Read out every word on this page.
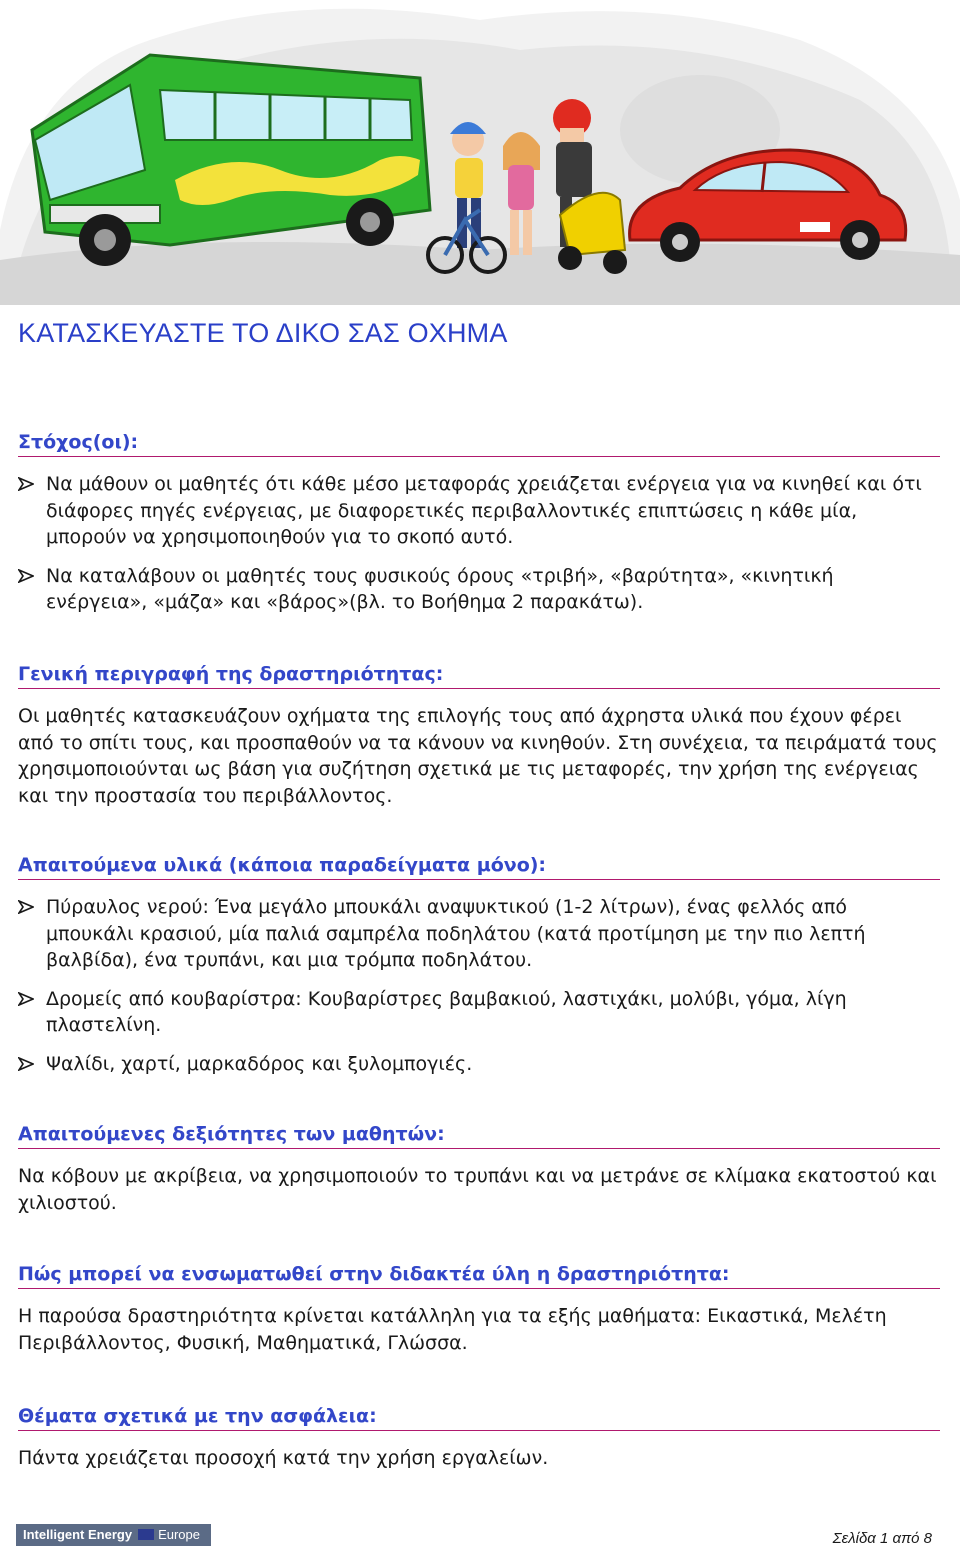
ΚΑΤΑΣΚΕΥΑΣΤΕ ΤΟ ΔΙΚΟ ΣΑΣ ΟΧΗΜΑ
Στόχος(οι):
Να μάθουν οι μαθητές ότι κάθε μέσο μεταφοράς χρειάζεται ενέργεια για να κινηθεί και ότι διάφορες πηγές ενέργειας, με διαφορετικές περιβαλλοντικές επιπτώσεις η κάθε μία, μπορούν να χρησιμοποιηθούν για το σκοπό αυτό.
Να καταλάβουν οι μαθητές τους φυσικούς όρους «τριβή», «βαρύτητα», «κινητική ενέργεια», «μάζα» και «βάρος»(βλ. το Βοήθημα 2 παρακάτω).
Γενική περιγραφή της δραστηριότητας:

Οι μαθητές κατασκευάζουν οχήματα της επιλογής τους από άχρηστα υλικά που έχουν φέρει από το σπίτι τους, και προσπαθούν να τα κάνουν να κινηθούν. Στη συνέχεια, τα πειράματά τους χρησιμοποιούνται ως βάση για συζήτηση σχετικά με τις μεταφορές, την χρήση της ενέργειας και την προστασία του περιβάλλοντος.

Απαιτούμενα υλικά (κάποια παραδείγματα μόνο):
Πύραυλος νερού: Ένα μεγάλο μπουκάλι αναψυκτικού (1-2 λίτρων), ένας φελλός από μπουκάλι κρασιού, μία παλιά σαμπρέλα ποδηλάτου (κατά προτίμηση με την πιο λεπτή βαλβίδα), ένα τρυπάνι, και μια τρόμπα ποδηλάτου.
Δρομείς από κουβαρίστρα: Κουβαρίστρες βαμβακιού, λαστιχάκι, μολύβι, γόμα, λίγη πλαστελίνη.
Ψαλίδι, χαρτί, μαρκαδόρος και ξυλομπογιές.
Απαιτούμενες δεξιότητες των μαθητών:

Να κόβουν με ακρίβεια, να χρησιμοποιούν το τρυπάνι και να μετράνε σε κλίμακα εκατοστού και χιλιοστού.

Πώς μπορεί να ενσωματωθεί στην διδακτέα ύλη η δραστηριότητα:

Η παρούσα δραστηριότητα κρίνεται κατάλληλη για τα εξής μαθήματα: Εικαστικά, Μελέτη Περιβάλλοντος, Φυσική, Μαθηματικά, Γλώσσα.

Θέματα σχετικά με την ασφάλεια:

Πάντα χρειάζεται προσοχή κατά την χρήση εργαλείων.

Intelligent Energy Europe	Σελίδα 1 από 8
